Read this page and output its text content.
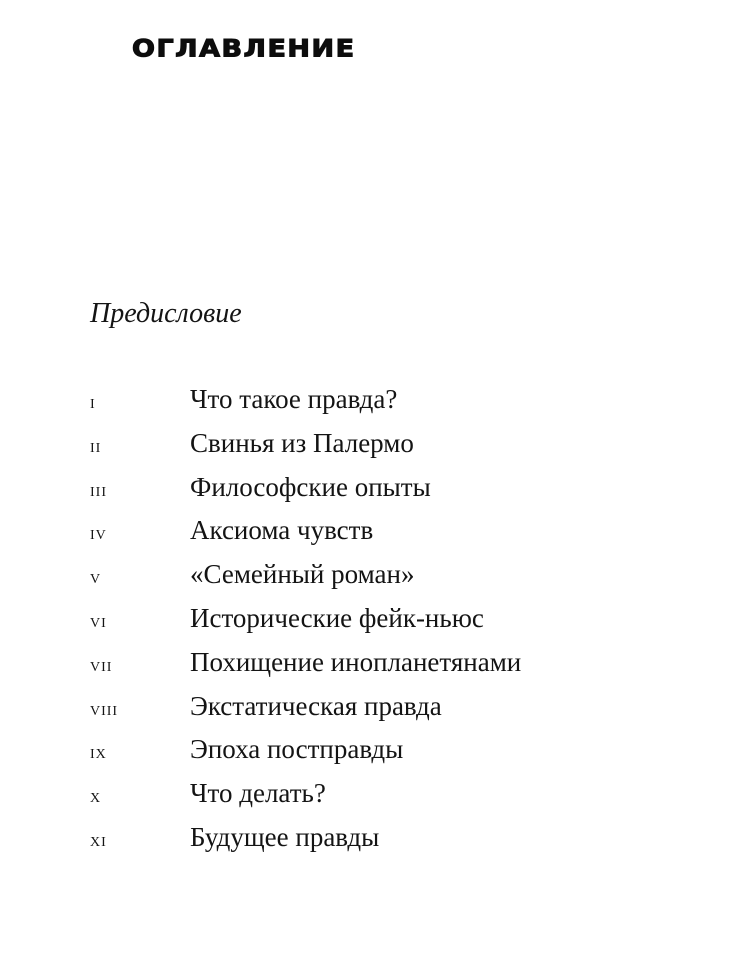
ОГЛАВЛЕНИЕ
Предисловие
i	Что такое правда?
ii	Свинья из Палермо
iii	Философские опыты
iv	Аксиома чувств
v	«Семейный роман»
vi	Исторические фейк-ньюс
vii	Похищение инопланетянами
viii	Экстатическая правда
ix	Эпоха постправды
x	Что делать?
xi	Будущее правды
